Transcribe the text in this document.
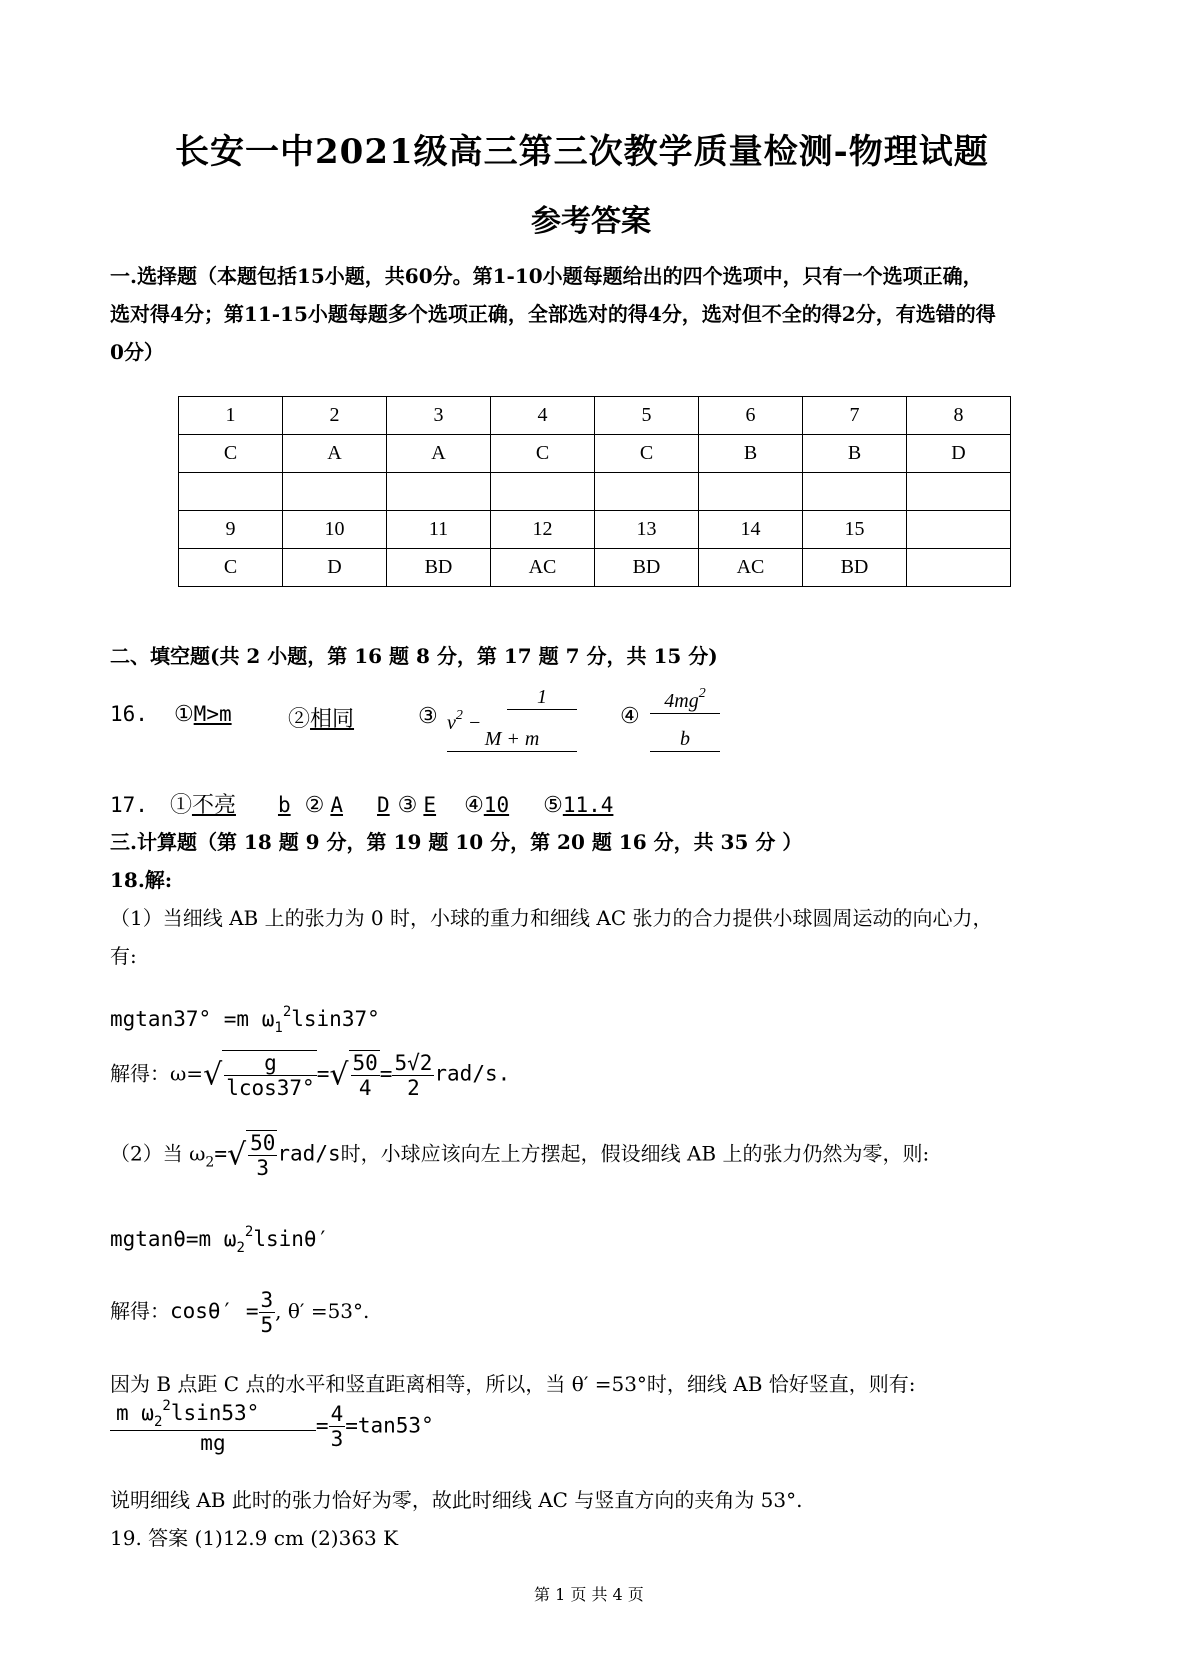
长安一中2021级高三第三次教学质量检测-物理试题
参考答案
一.选择题（本题包括15小题，共60分。第1-10小题每题给出的四个选项中，只有一个选项正确，
选对得4分；第11-15小题每题多个选项正确，全部选对的得4分，选对但不全的得2分，有选错的得
0分）
1	2	3	4	5	6	7	8
C	A	A	C	C	B	B	D

9	10	11	12	13	14	15	
C	D	BD	AC	BD	AC	BD	
二、填空题(共 2 小题，第 16 题 8 分，第 17 题 7 分，共 15 分)
16. ①M>m	②相同	③ $v^2$ −
1
M + m
④
$4mg^2$
b
17. ①不亮 b ② A D ③ E ④10 ⑤11.4
三.计算题（第 18 题 9 分，第 19 题 10 分，第 20 题 16 分，共 35 分 ）
18.解:
（1）当细线 AB 上的张力为 0 时，小球的重力和细线 AC 张力的合力提供小球圆周运动的向心力，
有:
mgtan37° =m $\omega_1^2lsin37^\circ$
解得：$\omega=√ \frac{g}{lcos37^\circ}$ =√ $\frac{50}{4} = \frac{5√2}{2} rad/s$.
（2）当 $\omega_2=√ \frac{50}{3} rad/s$时，小球应该向左上方摆起，假设细线 AB 上的张力仍然为零，则:
mgtanθ=m $\omega_2^2lsin\theta'$
解得：$\cos\theta' = \frac{3}{5}$ , θ′ =53°.
因为 B 点距 C 点的水平和竖直距离相等，所以，当 θ′ =53°时，细线 AB 恰好竖直，则有:
$\frac{m \omega_2^2lsin53^\circ}{mg} = \frac{4}{3} =\tan 53^\circ$
说明细线 AB 此时的张力恰好为零，故此时细线 AC 与竖直方向的夹角为 53°.
19. 答案 (1)12.9 cm (2)363 K
第 1 页 共 4 页
